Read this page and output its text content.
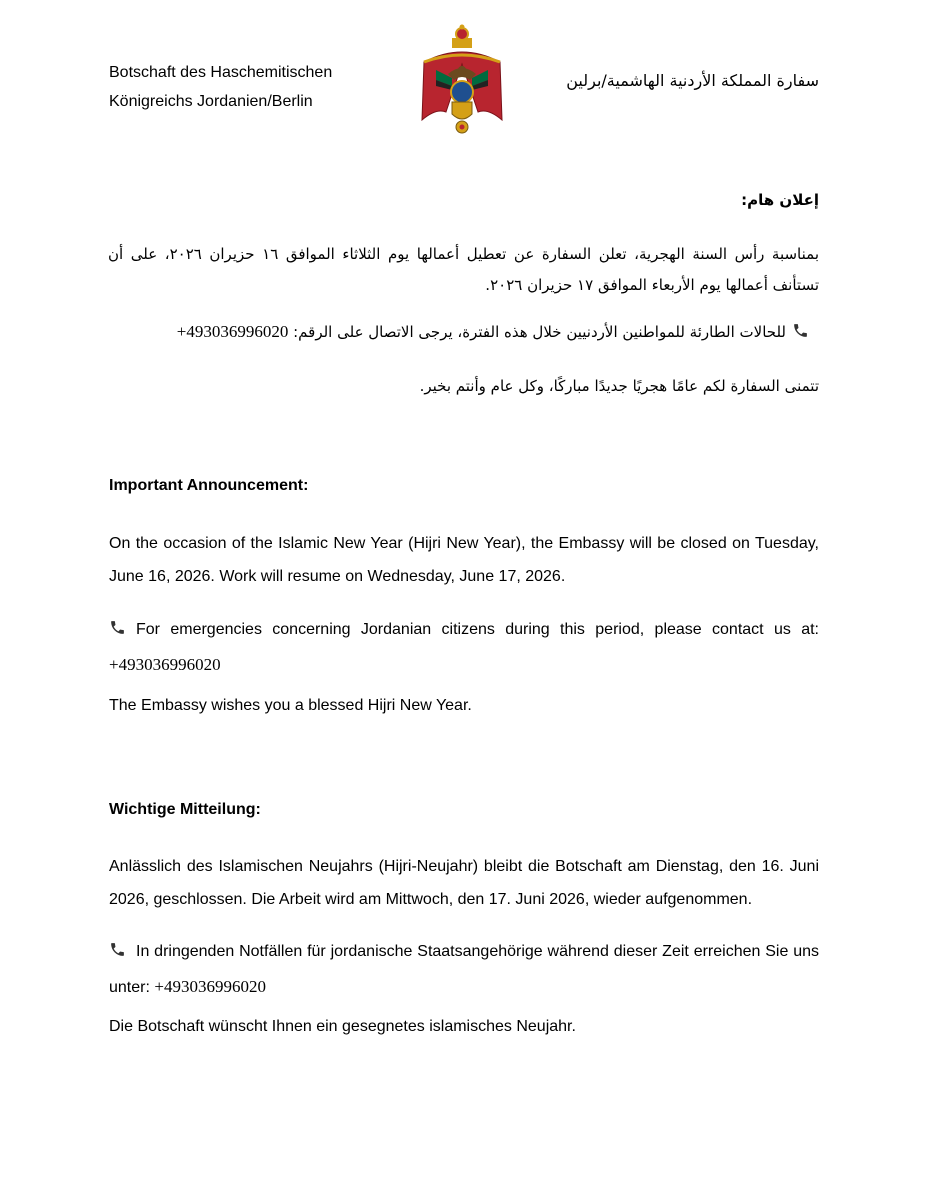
Botschaft des Haschemitischen
Königreichs Jordanien/Berlin
سفارة المملكة الأردنية الهاشمية/برلين
إعلان هام:
بمناسبة رأس السنة الهجرية، تعلن السفارة عن تعطيل أعمالها يوم الثلاثاء الموافق ١٦ حزيران ٢٠٢٦، على أن تستأنف أعمالها يوم الأربعاء الموافق ١٧ حزيران ٢٠٢٦.
للحالات الطارئة للمواطنين الأردنيين خلال هذه الفترة، يرجى الاتصال على الرقم: +493036996020
تتمنى السفارة لكم عامًا هجريًا جديدًا مباركًا، وكل عام وأنتم بخير.
Important Announcement:
On the occasion of the Islamic New Year (Hijri New Year), the Embassy will be closed on Tuesday, June 16, 2026. Work will resume on Wednesday, June 17, 2026.
For emergencies concerning Jordanian citizens during this period, please contact us at: +493036996020
The Embassy wishes you a blessed Hijri New Year.
Wichtige Mitteilung:
Anlässlich des Islamischen Neujahrs (Hijri-Neujahr) bleibt die Botschaft am Dienstag, den 16. Juni 2026, geschlossen. Die Arbeit wird am Mittwoch, den 17. Juni 2026, wieder aufgenommen.
In dringenden Notfällen für jordanische Staatsangehörige während dieser Zeit erreichen Sie uns unter: +493036996020
Die Botschaft wünscht Ihnen ein gesegnetes islamisches Neujahr.
